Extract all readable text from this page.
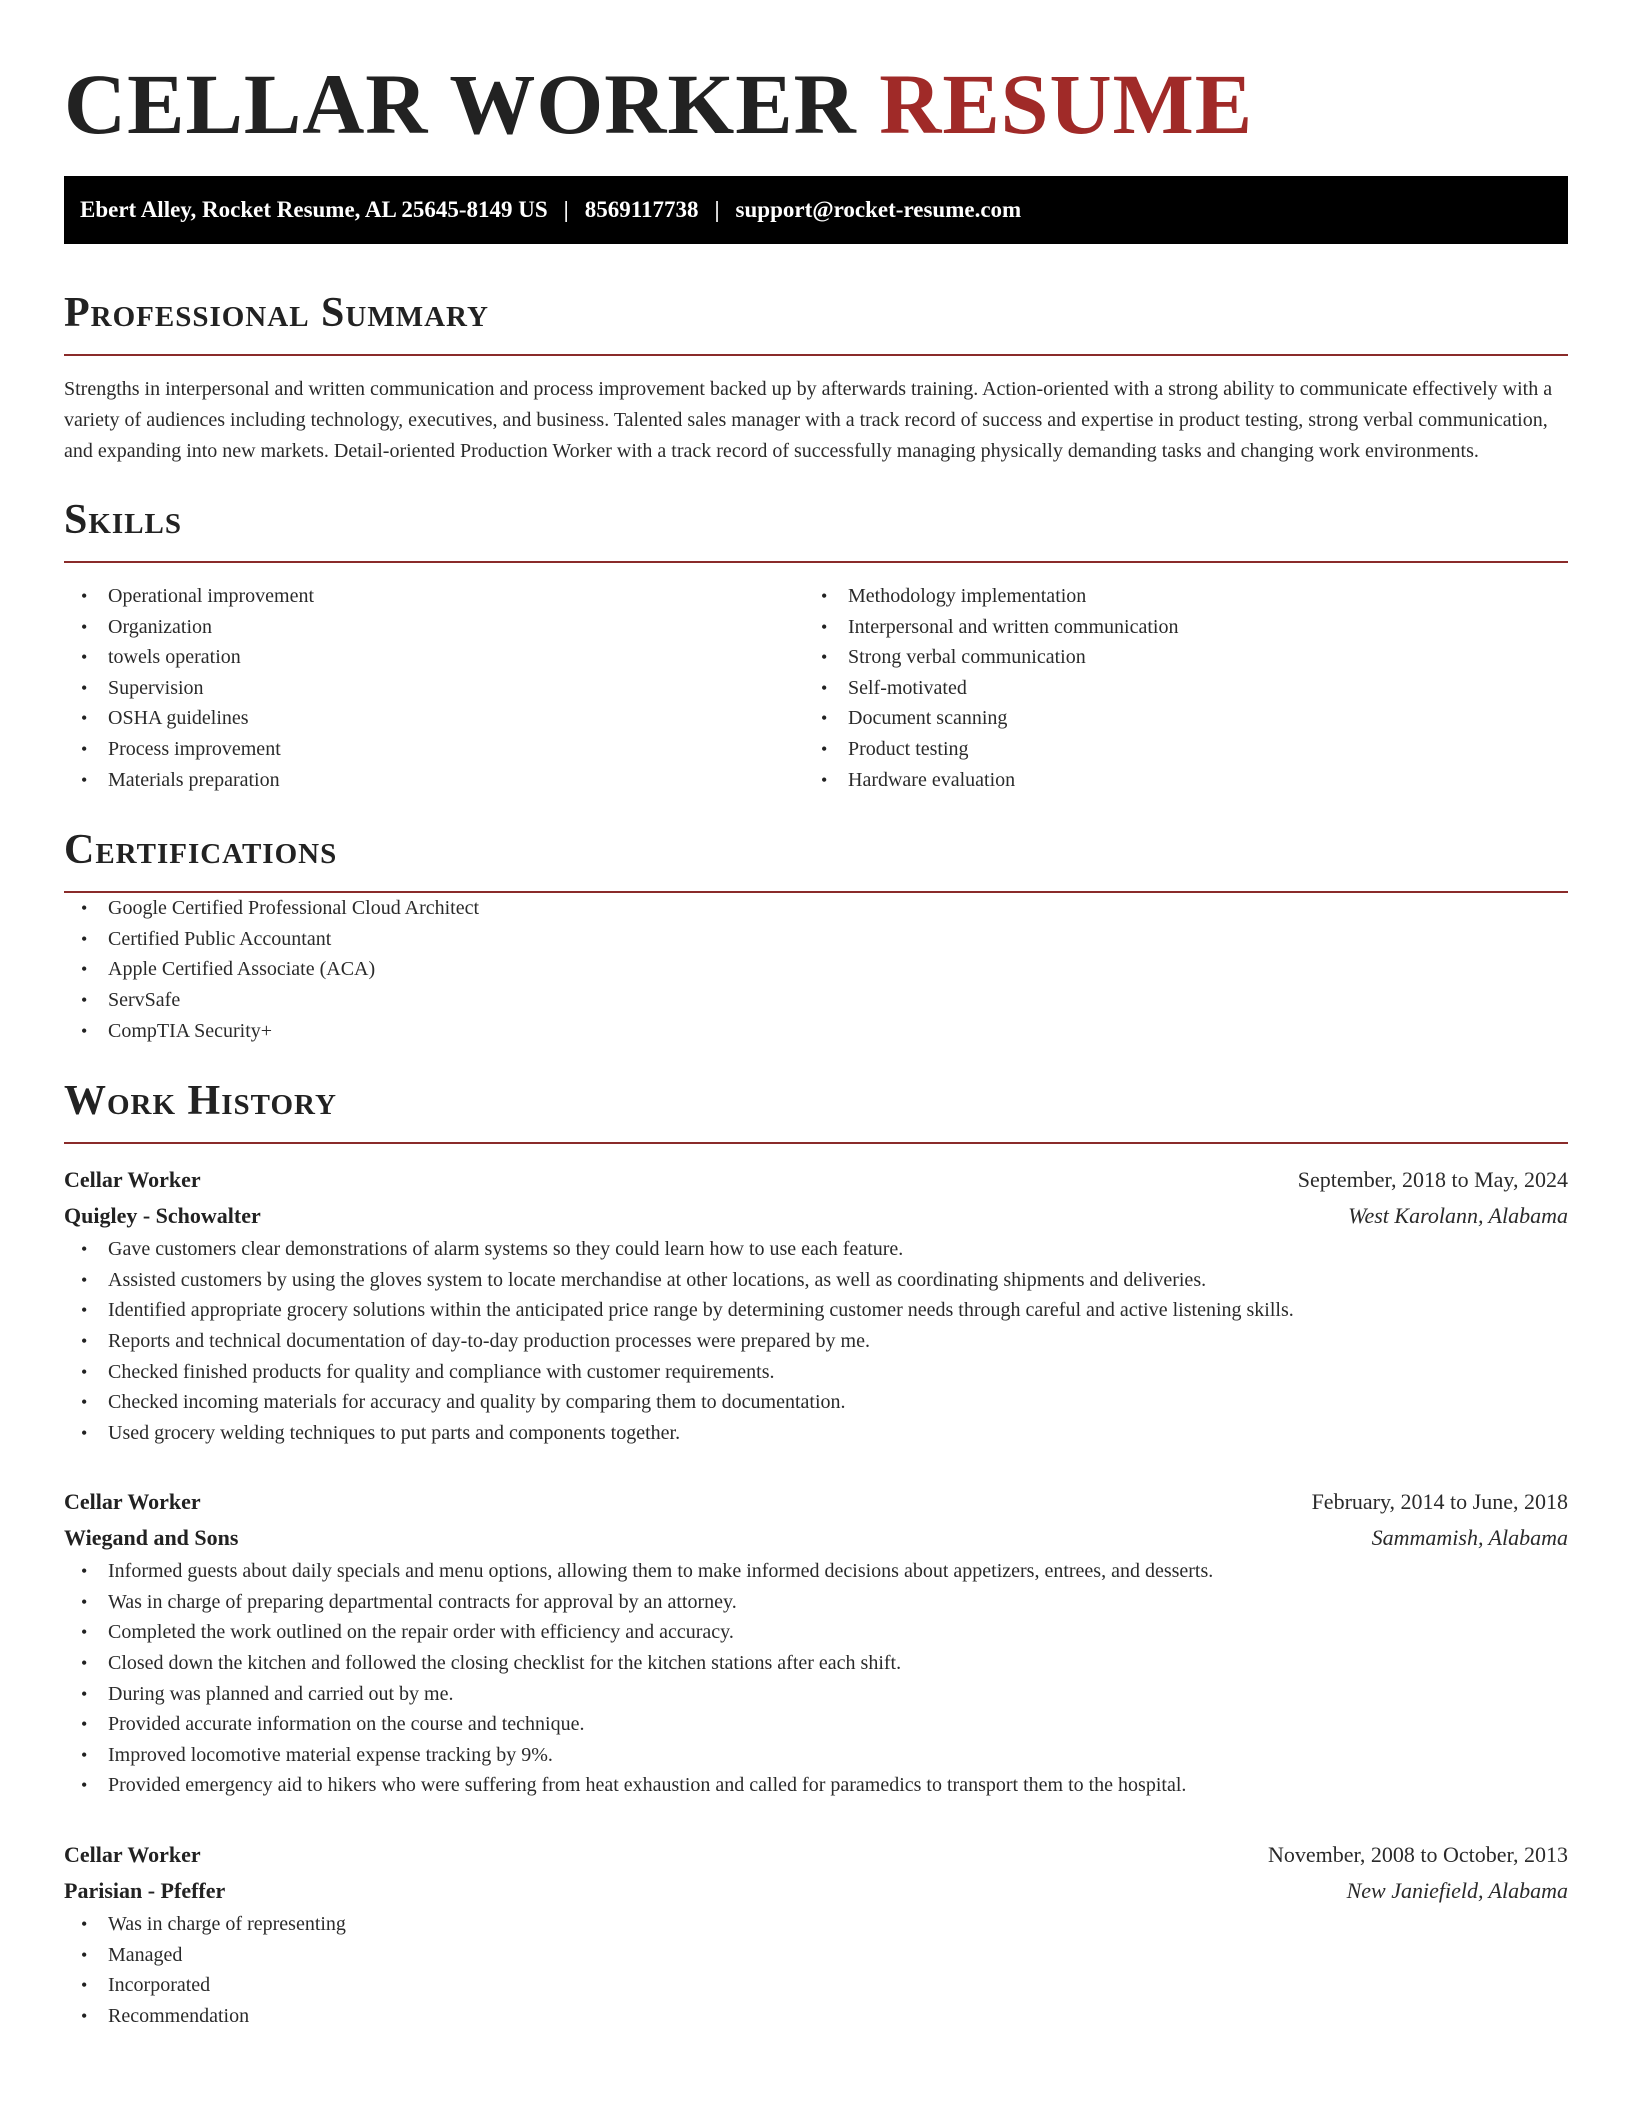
CELLAR WORKER RESUME
Ebert Alley, Rocket Resume, AL 25645-8149 US | 8569117738 | support@rocket-resume.com
Professional Summary

Strengths in interpersonal and written communication and process improvement backed up by afterwards training. Action-oriented with a strong ability to communicate effectively with a variety of audiences including technology, executives, and business. Talented sales manager with a track record of success and expertise in product testing, strong verbal communication, and expanding into new markets. Detail-oriented Production Worker with a track record of successfully managing physically demanding tasks and changing work environments.

Skills
• Operational improvement
• Organization
• towels operation
• Supervision
• OSHA guidelines
• Process improvement
• Materials preparation
• Methodology implementation
• Interpersonal and written communication
• Strong verbal communication
• Self-motivated
• Document scanning
• Product testing
• Hardware evaluation
Certifications
• Google Certified Professional Cloud Architect
• Certified Public Accountant
• Apple Certified Associate (ACA)
• ServSafe
• CompTIA Security+
Work History
Cellar Worker	September, 2018 to May, 2024
Quigley - Schowalter	West Karolann, Alabama
• Gave customers clear demonstrations of alarm systems so they could learn how to use each feature.
• Assisted customers by using the gloves system to locate merchandise at other locations, as well as coordinating shipments and deliveries.
• Identified appropriate grocery solutions within the anticipated price range by determining customer needs through careful and active listening skills.
• Reports and technical documentation of day-to-day production processes were prepared by me.
• Checked finished products for quality and compliance with customer requirements.
• Checked incoming materials for accuracy and quality by comparing them to documentation.
• Used grocery welding techniques to put parts and components together.
Cellar Worker	February, 2014 to June, 2018
Wiegand and Sons	Sammamish, Alabama
• Informed guests about daily specials and menu options, allowing them to make informed decisions about appetizers, entrees, and desserts.
• Was in charge of preparing departmental contracts for approval by an attorney.
• Completed the work outlined on the repair order with efficiency and accuracy.
• Closed down the kitchen and followed the closing checklist for the kitchen stations after each shift.
• During was planned and carried out by me.
• Provided accurate information on the course and technique.
• Improved locomotive material expense tracking by 9%.
• Provided emergency aid to hikers who were suffering from heat exhaustion and called for paramedics to transport them to the hospital.
Cellar Worker	November, 2008 to October, 2013
Parisian - Pfeffer	New Janiefield, Alabama
• Was in charge of representing
• Managed
• Incorporated
• Recommendation
